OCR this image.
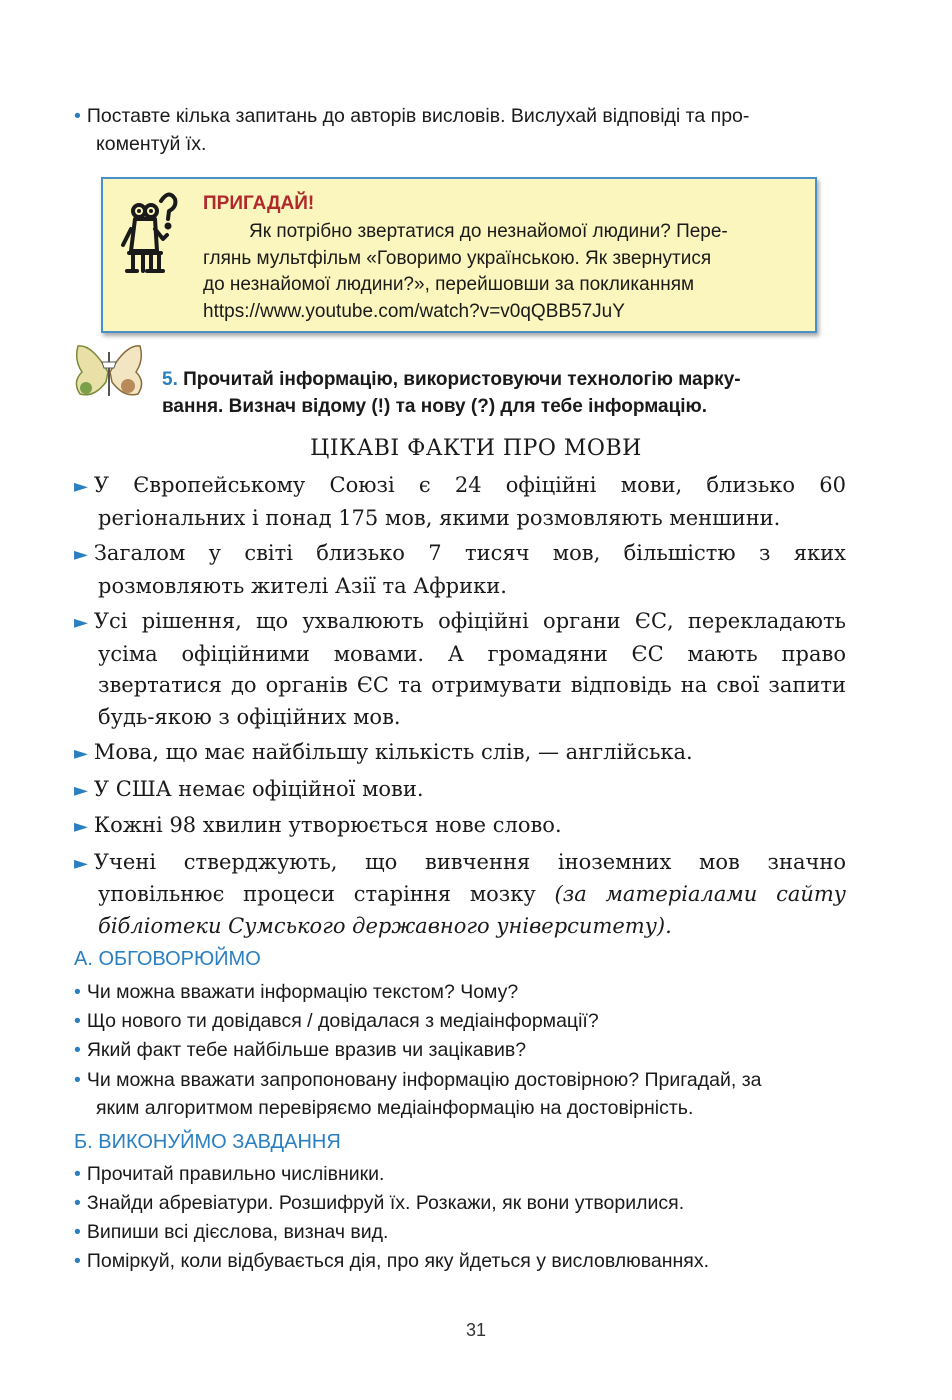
• Поставте кілька запитань до авторів висловів. Вислухай відповіді та про-
коментуй їх.
ПРИГАДАЙ!

Як потрібно звертатися до незнайомої людини? Пере-

глянь мультфільм «Говоримо українською. Як звернутися

до незнайомої людини?», перейшовши за покликанням

https://www.youtube.com/watch?v=v0qQBB57JuY

5. Прочитай інформацію, використовуючи технологію марку-
вання. Визнач відому (!) та нову (?) для тебе інформацію.
ЦІКАВІ ФАКТИ ПРО МОВИ
► У Європейському Союзі є 24 офіційні мови, близько 60 регіональних і понад 175 мов, якими розмовляють меншини.
► Загалом у світі близько 7 тисяч мов, більшістю з яких розмовляють жителі Азії та Африки.
► Усі рішення, що ухвалюють офіційні органи ЄС, перекладають усіма офіційними мовами. А громадяни ЄС мають право звертатися до органів ЄС та отримувати відповідь на свої запити будь-якою з офіційних мов.
► Мова, що має найбільшу кількість слів, — англійська.
► У США немає офіційної мови.
► Кожні 98 хвилин утворюється нове слово.
► Учені стверджують, що вивчення іноземних мов значно уповільнює процеси старіння мозку (за матеріалами сайту бібліотеки Сумського державного університету).
А. ОБГОВОРЮЙМО
• Чи можна вважати інформацію текстом? Чому?
• Що нового ти довідався / довідалася з медіаінформації?
• Який факт тебе найбільше вразив чи зацікавив?
• Чи можна вважати запропоновану інформацію достовірною? Пригадай, за
яким алгоритмом перевіряємо медіаінформацію на достовірність.
Б. ВИКОНУЙМО ЗАВДАННЯ
• Прочитай правильно числівники.
• Знайди абревіатури. Розшифруй їх. Розкажи, як вони утворилися.
• Випиши всі дієслова, визнач вид.
• Поміркуй, коли відбувається дія, про яку йдеться у висловлюваннях.
31
